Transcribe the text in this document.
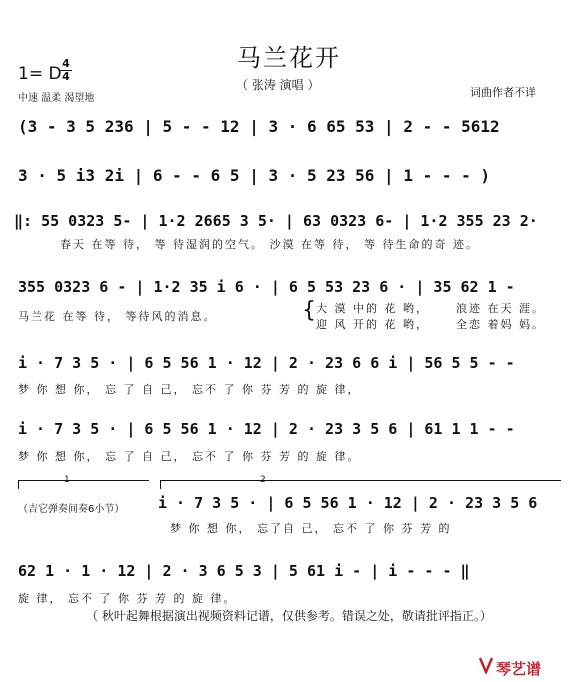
马兰花开
（ 张涛 演唱 ）
1= D
4
4
中速 温柔 渴望地	词曲作者不详
(3 - 3 5 236 | 5 - - 12 | 3 · 6 65 53 | 2 - - 5612
3 · 5 i3 2i | 6 - - 6 5 | 3 · 5 23 56 | 1 - - - )
‖: 55 0323 5- | 1·2 2665 3 5· | 63 0323 6- | 1·2 355 23 2·
春天 在等 待， 等 待湿润的空气。 沙漠 在等 待， 等 待生命的奇 迹。
355 0323 6 - | 1·2 35 i 6 · | 6 5 53 23 6 · | 35 62 1 -
马兰花 在等 待， 等待风的消息。	{ 大 漠 中的 花 哟，
迎 风 开的 花 哟，
浪迹 在天 涯。
全恋 着妈 妈。
i · 7 3 5 · | 6 5 56 1 · 12 | 2 · 23 6 6 i | 56 5 5 - -
梦 你 想 你， 忘 了 自 己， 忘不 了 你 芬 芳 的 旋 律，
i · 7 3 5 · | 6 5 56 1 · 12 | 2 · 23 3 5 6 | 61 1 1 - -
梦 你 想 你， 忘 了 自 己， 忘不 了 你 芬 芳 的 旋 律。
1	2
（吉它弹奏间奏6小节） i · 7 3 5 · | 6 5 56 1 · 12 | 2 · 23 3 5 6
梦 你 想 你， 忘了自 己， 忘不 了 你 芬 芳 的
62 1 · 1 · 12 | 2 · 3 6 5 3 | 5 61 i - | i - - - ‖
旋 律， 忘不 了 你 芬 芳 的 旋 律。
（ 秋叶起舞根据演出视频资料记谱，仅供参考。错误之处，敬请批评指正。）
琴艺谱
